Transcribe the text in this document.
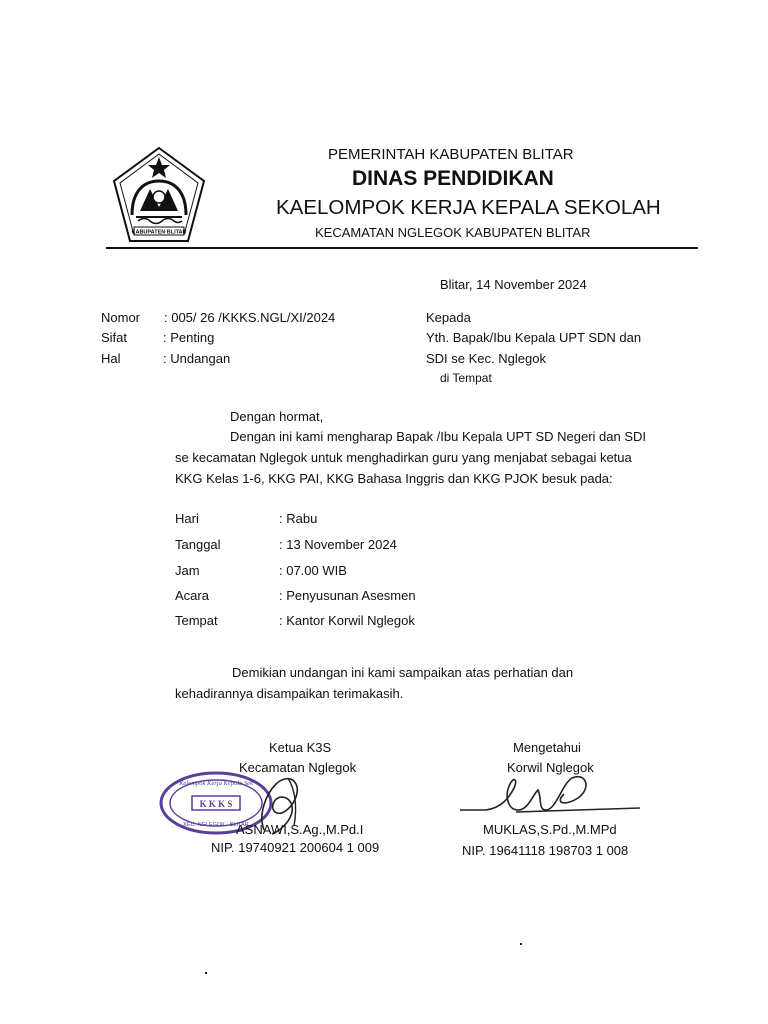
KABUPATEN BLITAR
PEMERINTAH KABUPATEN BLITAR
DINAS PENDIDIKAN
KAELOMPOK KERJA KEPALA SEKOLAH
KECAMATAN NGLEGOK KABUPATEN BLITAR
Blitar, 14 November 2024
Nomor : 005/ 26 /KKKS.NGL/XI/2024
Sifat	: Penting
Hal	: Undangan
Kepada
Yth. Bapak/Ibu Kepala UPT SDN dan
SDI se Kec. Nglegok
di Tempat
Dengan hormat,
Dengan ini kami mengharap Bapak /Ibu Kepala UPT SD Negeri dan SDI
se kecamatan Nglegok untuk menghadirkan guru yang menjabat sebagai ketua
KKG Kelas 1-6, KKG PAI, KKG Bahasa Inggris dan KKG PJOK besuk pada:
Hari	: Rabu
Tanggal	: 13 November 2024
Jam	: 07.00 WIB
Acara	: Penyusunan Asesmen
Tempat	: Kantor Korwil Nglegok
Demikian undangan ini kami sampaikan atas perhatian dan
kehadirannya disampaikan terimakasih.
Ketua K3S
Kecamatan Nglegok
Kelompok Kerja Kepala Sek
K K K S
KEC. NGLEGOK - BLITAR
ASNAWI,S.Ag.,M.Pd.I
NIP. 19740921 200604 1 009
Mengetahui
Korwil Nglegok
MUKLAS,S.Pd.,M.MPd
NIP. 19641118 198703 1 008
